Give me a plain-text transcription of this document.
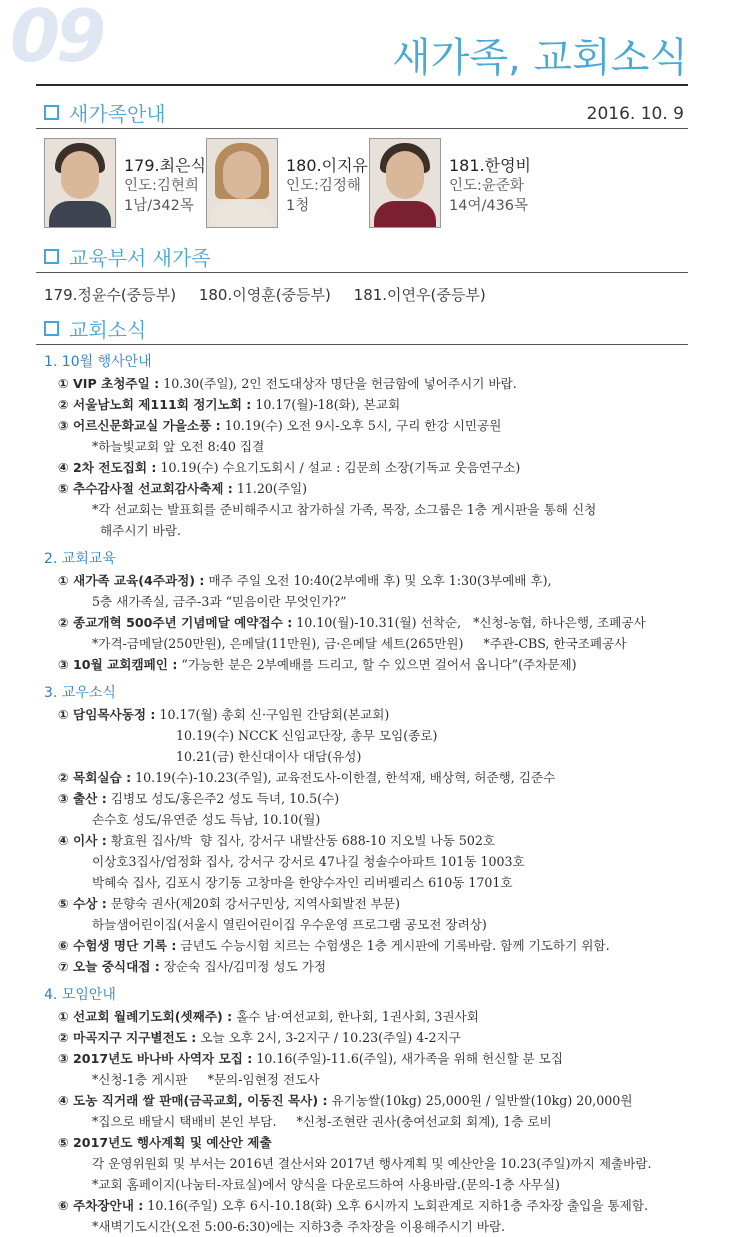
09	새가족, 교회소식
새가족안내	2016. 10. 9
179.최은식
인도:김현희
1남/342목
180.이지유
인도:김정해
1청
181.한영비
인도:윤준화
14여/436목
교육부서 새가족
179.정윤수(중등부) 180.이영훈(중등부) 181.이연우(중등부)
교회소식
1. 10월 행사안내
① VIP 초청주일 : 10.30(주일), 2인 전도대상자 명단을 헌금함에 넣어주시기 바랍.
② 서울남노회 제111회 정기노회 : 10.17(월)-18(화), 본교회
③ 어르신문화교실 가을소풍 : 10.19(수) 오전 9시-오후 5시, 구리 한강 시민공원
*하늘빛교회 앞 오전 8:40 집결
④ 2차 전도집회 : 10.19(수) 수요기도회시 / 설교 : 김문희 소장(기독교 웃음연구소)
⑤ 추수감사절 선교회감사축제 : 11.20(주일)
*각 선교회는 발표회를 준비해주시고 참가하실 가족, 목장, 소그룹은 1층 게시판을 통해 신청
해주시기 바람.
2. 교회교육
① 새가족 교육(4주과정) : 매주 주일 오전 10:40(2부예배 후) 및 오후 1:30(3부예배 후),
5층 새가족실, 금주-3과 “믿음이란 무엇인가?”
② 종교개혁 500주년 기념메달 예약접수 : 10.10(월)-10.31(월) 선착순,   *신청-농협, 하나은행, 조폐공사
*가격-금메달(250만원), 은메달(11만원), 금·은메달 세트(265만원)     *주관-CBS, 한국조폐공사
③ 10월 교회캠페인 : “가능한 분은 2부예배를 드리고, 할 수 있으면 걸어서 옵니다”(주차문제)
3. 교우소식
① 담임목사동정 : 10.17(월) 총회 신·구임원 간담회(본교회)
10.19(수) NCCK 신임교단장, 총무 모임(종로)
10.21(금) 한신대이사 대담(유성)
② 목회실습 : 10.19(수)-10.23(주일), 교육전도사-이한결, 한석재, 배상혁, 허준행, 김준수
③ 출산 : 김병모 성도/홍은주2 성도 득녀, 10.5(수)
손수호 성도/유연준 성도 득남, 10.10(월)
④ 이사 : 황효원 집사/박  향 집사, 강서구 내발산동 688-10 지오빌 나동 502호
이상호3집사/엄정화 집사, 강서구 강서로 47나길 청솔수아파트 101동 1003호
박혜숙 집사, 김포시 장기동 고창마을 한양수자인 리버펠리스 610동 1701호
⑤ 수상 : 문향숙 권사(제20회 강서구민상, 지역사회발전 부문)
하늘샘어린이집(서울시 열린어린이집 우수운영 프로그램 공모전 장려상)
⑥ 수험생 명단 기록 : 금년도 수능시험 치르는 수험생은 1층 게시판에 기록바람. 함께 기도하기 위함.
⑦ 오늘 중식대접 : 장순숙 집사/김미정 성도 가정
4. 모임안내
① 선교회 월례기도회(셋째주) : 홀수 남·여선교회, 한나회, 1권사회, 3권사회
② 마곡지구 지구별전도 : 오늘 오후 2시, 3-2지구 / 10.23(주일) 4-2지구
③ 2017년도 바나바 사역자 모집 : 10.16(주일)-11.6(주일), 새가족을 위해 헌신할 분 모집
*신청-1층 게시판     *문의-임현정 전도사
④ 도농 직거래 쌀 판매(금곡교회, 이동진 목사) : 유기농쌀(10kg) 25,000원 / 일반쌀(10kg) 20,000원
*집으로 배달시 택배비 본인 부담.     *신청-조현란 권사(충여선교회 회계), 1층 로비
⑤ 2017년도 행사계획 및 예산안 제출
각 운영위원회 및 부서는 2016년 결산서와 2017년 행사계획 및 예산안을 10.23(주일)까지 제출바람.
*교회 홈페이지(나눔터-자료실)에서 양식을 다운로드하여 사용바람.(문의-1층 사무실)
⑥ 주차장안내 : 10.16(주일) 오후 6시-10.18(화) 오후 6시까지 노회관계로 지하1층 주차장 출입을 통제함.
*새벽기도시간(오전 5:00-6:30)에는 지하3층 주차장을 이용해주시기 바람.
